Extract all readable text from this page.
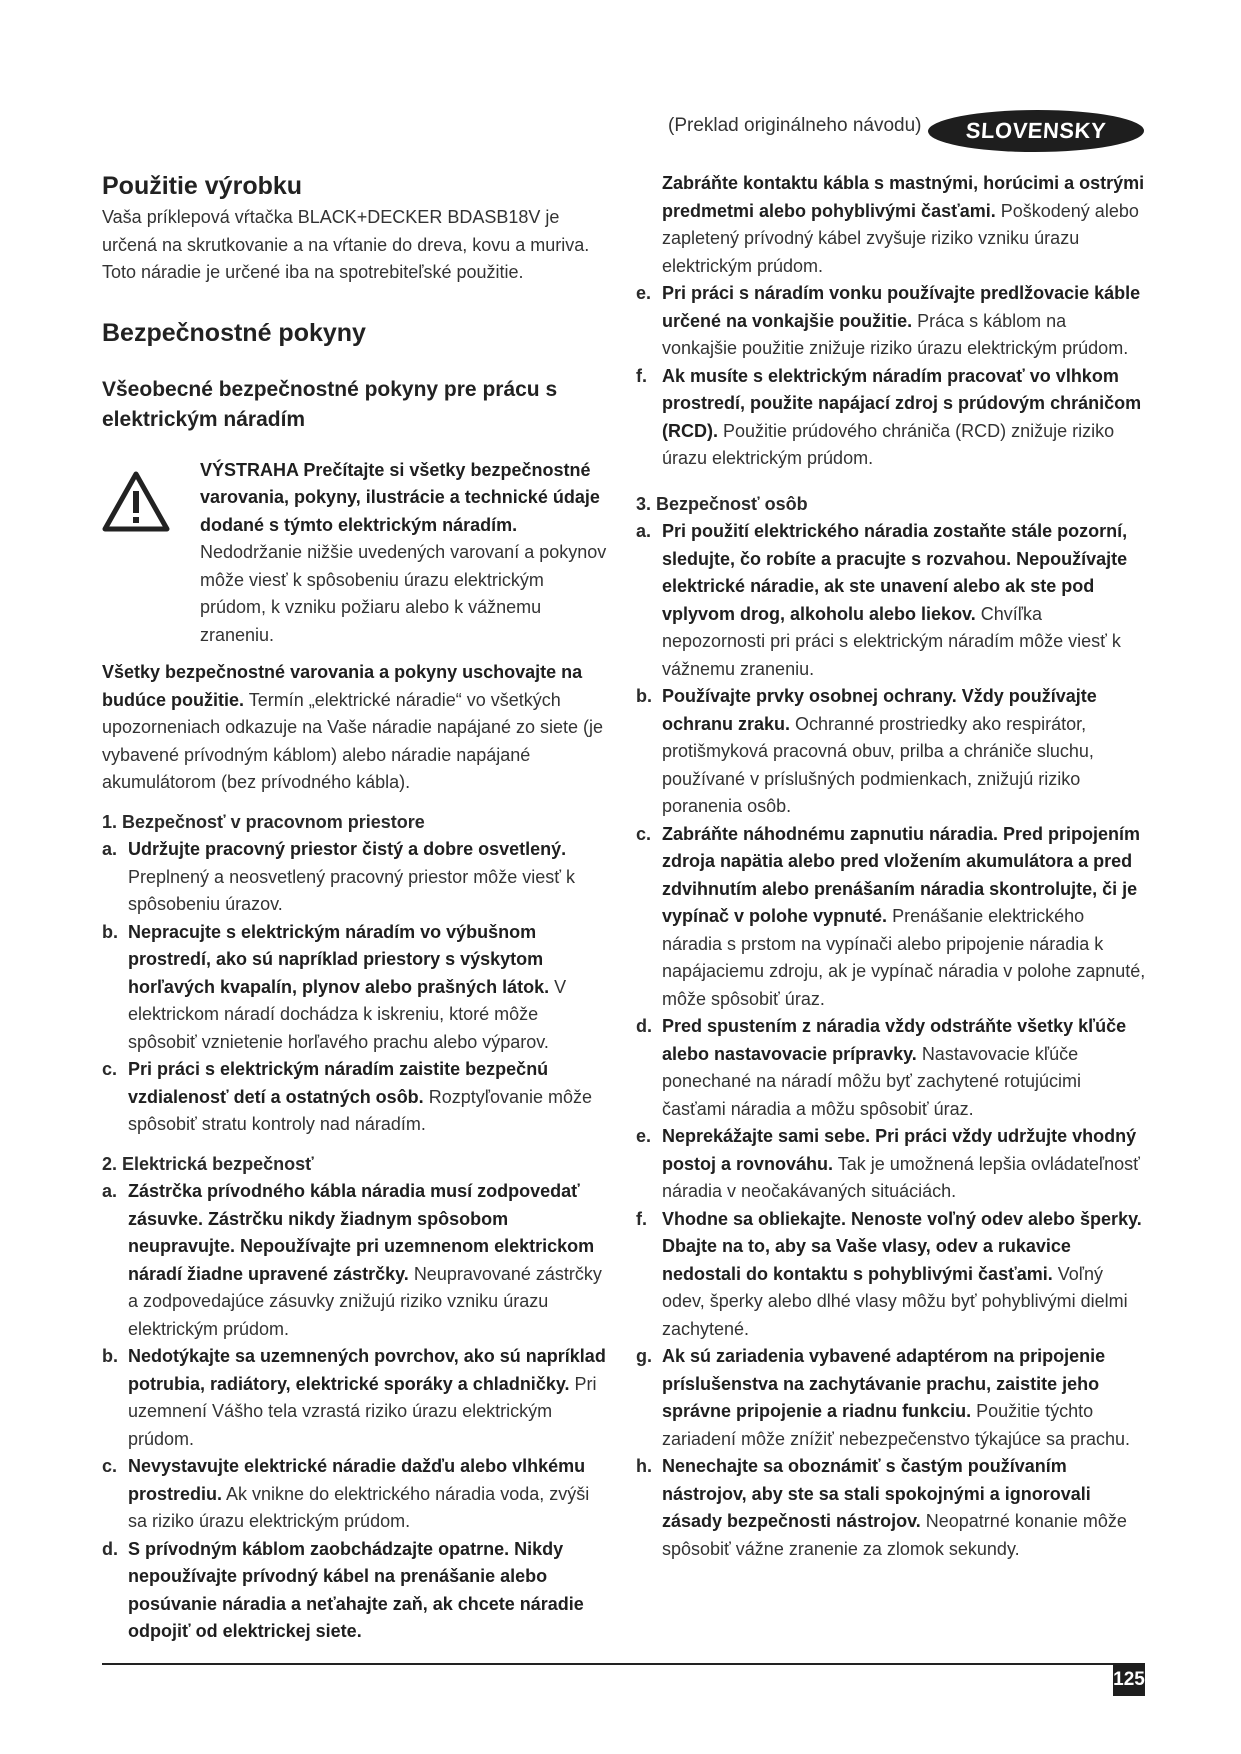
(Preklad originálneho návodu)	SLOVENSKY
Použitie výrobku

Vaša príklepová vŕtačka BLACK+DECKER BDASB18V je určená na skrutkovanie a na vŕtanie do dreva, kovu a muriva. Toto náradie je určené iba na spotrebiteľské použitie.

Bezpečnostné pokyny
Všeobecné bezpečnostné pokyny pre prácu s elektrickým náradím

VÝSTRAHA Prečítajte si všetky bezpečnostné varovania, pokyny, ilustrácie a technické údaje dodané s týmto elektrickým náradím.

Nedodržanie nižšie uvedených varovaní a pokynov môže viesť k spôsobeniu úrazu elektrickým prúdom, k vzniku požiaru alebo k vážnemu zraneniu.

Všetky bezpečnostné varovania a pokyny uschovajte na budúce použitie. Termín „elektrické náradie“ vo všetkých upozorneniach odkazuje na Vaše náradie napájané zo siete (je vybavené prívodným káblom) alebo náradie napájané akumulátorom (bez prívodného kábla).

1. Bezpečnosť v pracovnom priestore

a. Udržujte pracovný priestor čistý a dobre osvetlený. Preplnený a neosvetlený pracovný priestor môže viesť k spôsobeniu úrazov.
b. Nepracujte s elektrickým náradím vo výbušnom prostredí, ako sú napríklad priestory s výskytom horľavých kvapalín, plynov alebo prašných látok. V elektrickom náradí dochádza k iskreniu, ktoré môže spôsobiť vznietenie horľavého prachu alebo výparov.
c. Pri práci s elektrickým náradím zaistite bezpečnú vzdialenosť detí a ostatných osôb. Rozptyľovanie môže spôsobiť stratu kontroly nad náradím.

2. Elektrická bezpečnosť

a. Zástrčka prívodného kábla náradia musí zodpovedať zásuvke. Zástrčku nikdy žiadnym spôsobom neupravujte. Nepoužívajte pri uzemnenom elektrickom náradí žiadne upravené zástrčky. Neupravované zástrčky a zodpovedajúce zásuvky znižujú riziko vzniku úrazu elektrickým prúdom.
b. Nedotýkajte sa uzemnených povrchov, ako sú napríklad potrubia, radiátory, elektrické sporáky a chladničky. Pri uzemnení Vášho tela vzrastá riziko úrazu elektrickým prúdom.
c. Nevystavujte elektrické náradie dažďu alebo vlhkému prostrediu. Ak vnikne do elektrického náradia voda, zvýši sa riziko úrazu elektrickým prúdom.
d. S prívodným káblom zaobchádzajte opatrne. Nikdy nepoužívajte prívodný kábel na prenášanie alebo posúvanie náradia a neťahajte zaň, ak chcete náradie odpojiť od elektrickej siete.
Zabráňte kontaktu kábla s mastnými, horúcimi a ostrými predmetmi alebo pohyblivými časťami. Poškodený alebo zapletený prívodný kábel zvyšuje riziko vzniku úrazu elektrickým prúdom.
e. Pri práci s náradím vonku používajte predlžovacie káble určené na vonkajšie použitie. Práca s káblom na vonkajšie použitie znižuje riziko úrazu elektrickým prúdom.
f. Ak musíte s elektrickým náradím pracovať vo vlhkom prostredí, použite napájací zdroj s prúdovým chráničom (RCD). Použitie prúdového chrániča (RCD) znižuje riziko úrazu elektrickým prúdom.

3. Bezpečnosť osôb

a. Pri použití elektrického náradia zostaňte stále pozorní, sledujte, čo robíte a pracujte s rozvahou. Nepoužívajte elektrické náradie, ak ste unavení alebo ak ste pod vplyvom drog, alkoholu alebo liekov. Chvíľka nepozornosti pri práci s elektrickým náradím môže viesť k vážnemu zraneniu.
b. Používajte prvky osobnej ochrany. Vždy používajte ochranu zraku. Ochranné prostriedky ako respirátor, protišmyková pracovná obuv, prilba a chrániče sluchu, používané v príslušných podmienkach, znižujú riziko poranenia osôb.
c. Zabráňte náhodnému zapnutiu náradia. Pred pripojením zdroja napätia alebo pred vložením akumulátora a pred zdvihnutím alebo prenášaním náradia skontrolujte, či je vypínač v polohe vypnuté. Prenášanie elektrického náradia s prstom na vypínači alebo pripojenie náradia k napájaciemu zdroju, ak je vypínač náradia v polohe zapnuté, môže spôsobiť úraz.
d. Pred spustením z náradia vždy odstráňte všetky kľúče alebo nastavovacie prípravky. Nastavovacie kľúče ponechané na náradí môžu byť zachytené rotujúcimi časťami náradia a môžu spôsobiť úraz.
e. Neprekážajte sami sebe. Pri práci vždy udržujte vhodný postoj a rovnováhu. Tak je umožnená lepšia ovládateľnosť náradia v neočakávaných situáciách.
f. Vhodne sa obliekajte. Nenoste voľný odev alebo šperky. Dbajte na to, aby sa Vaše vlasy, odev a rukavice nedostali do kontaktu s pohyblivými časťami. Voľný odev, šperky alebo dlhé vlasy môžu byť pohyblivými dielmi zachytené.
g. Ak sú zariadenia vybavené adaptérom na pripojenie príslušenstva na zachytávanie prachu, zaistite jeho správne pripojenie a riadnu funkciu. Použitie týchto zariadení môže znížiť nebezpečenstvo týkajúce sa prachu.
h. Nenechajte sa oboznámiť s častým používaním nástrojov, aby ste sa stali spokojnými a ignorovali zásady bezpečnosti nástrojov. Neopatrné konanie môže spôsobiť vážne zranenie za zlomok sekundy.
125
